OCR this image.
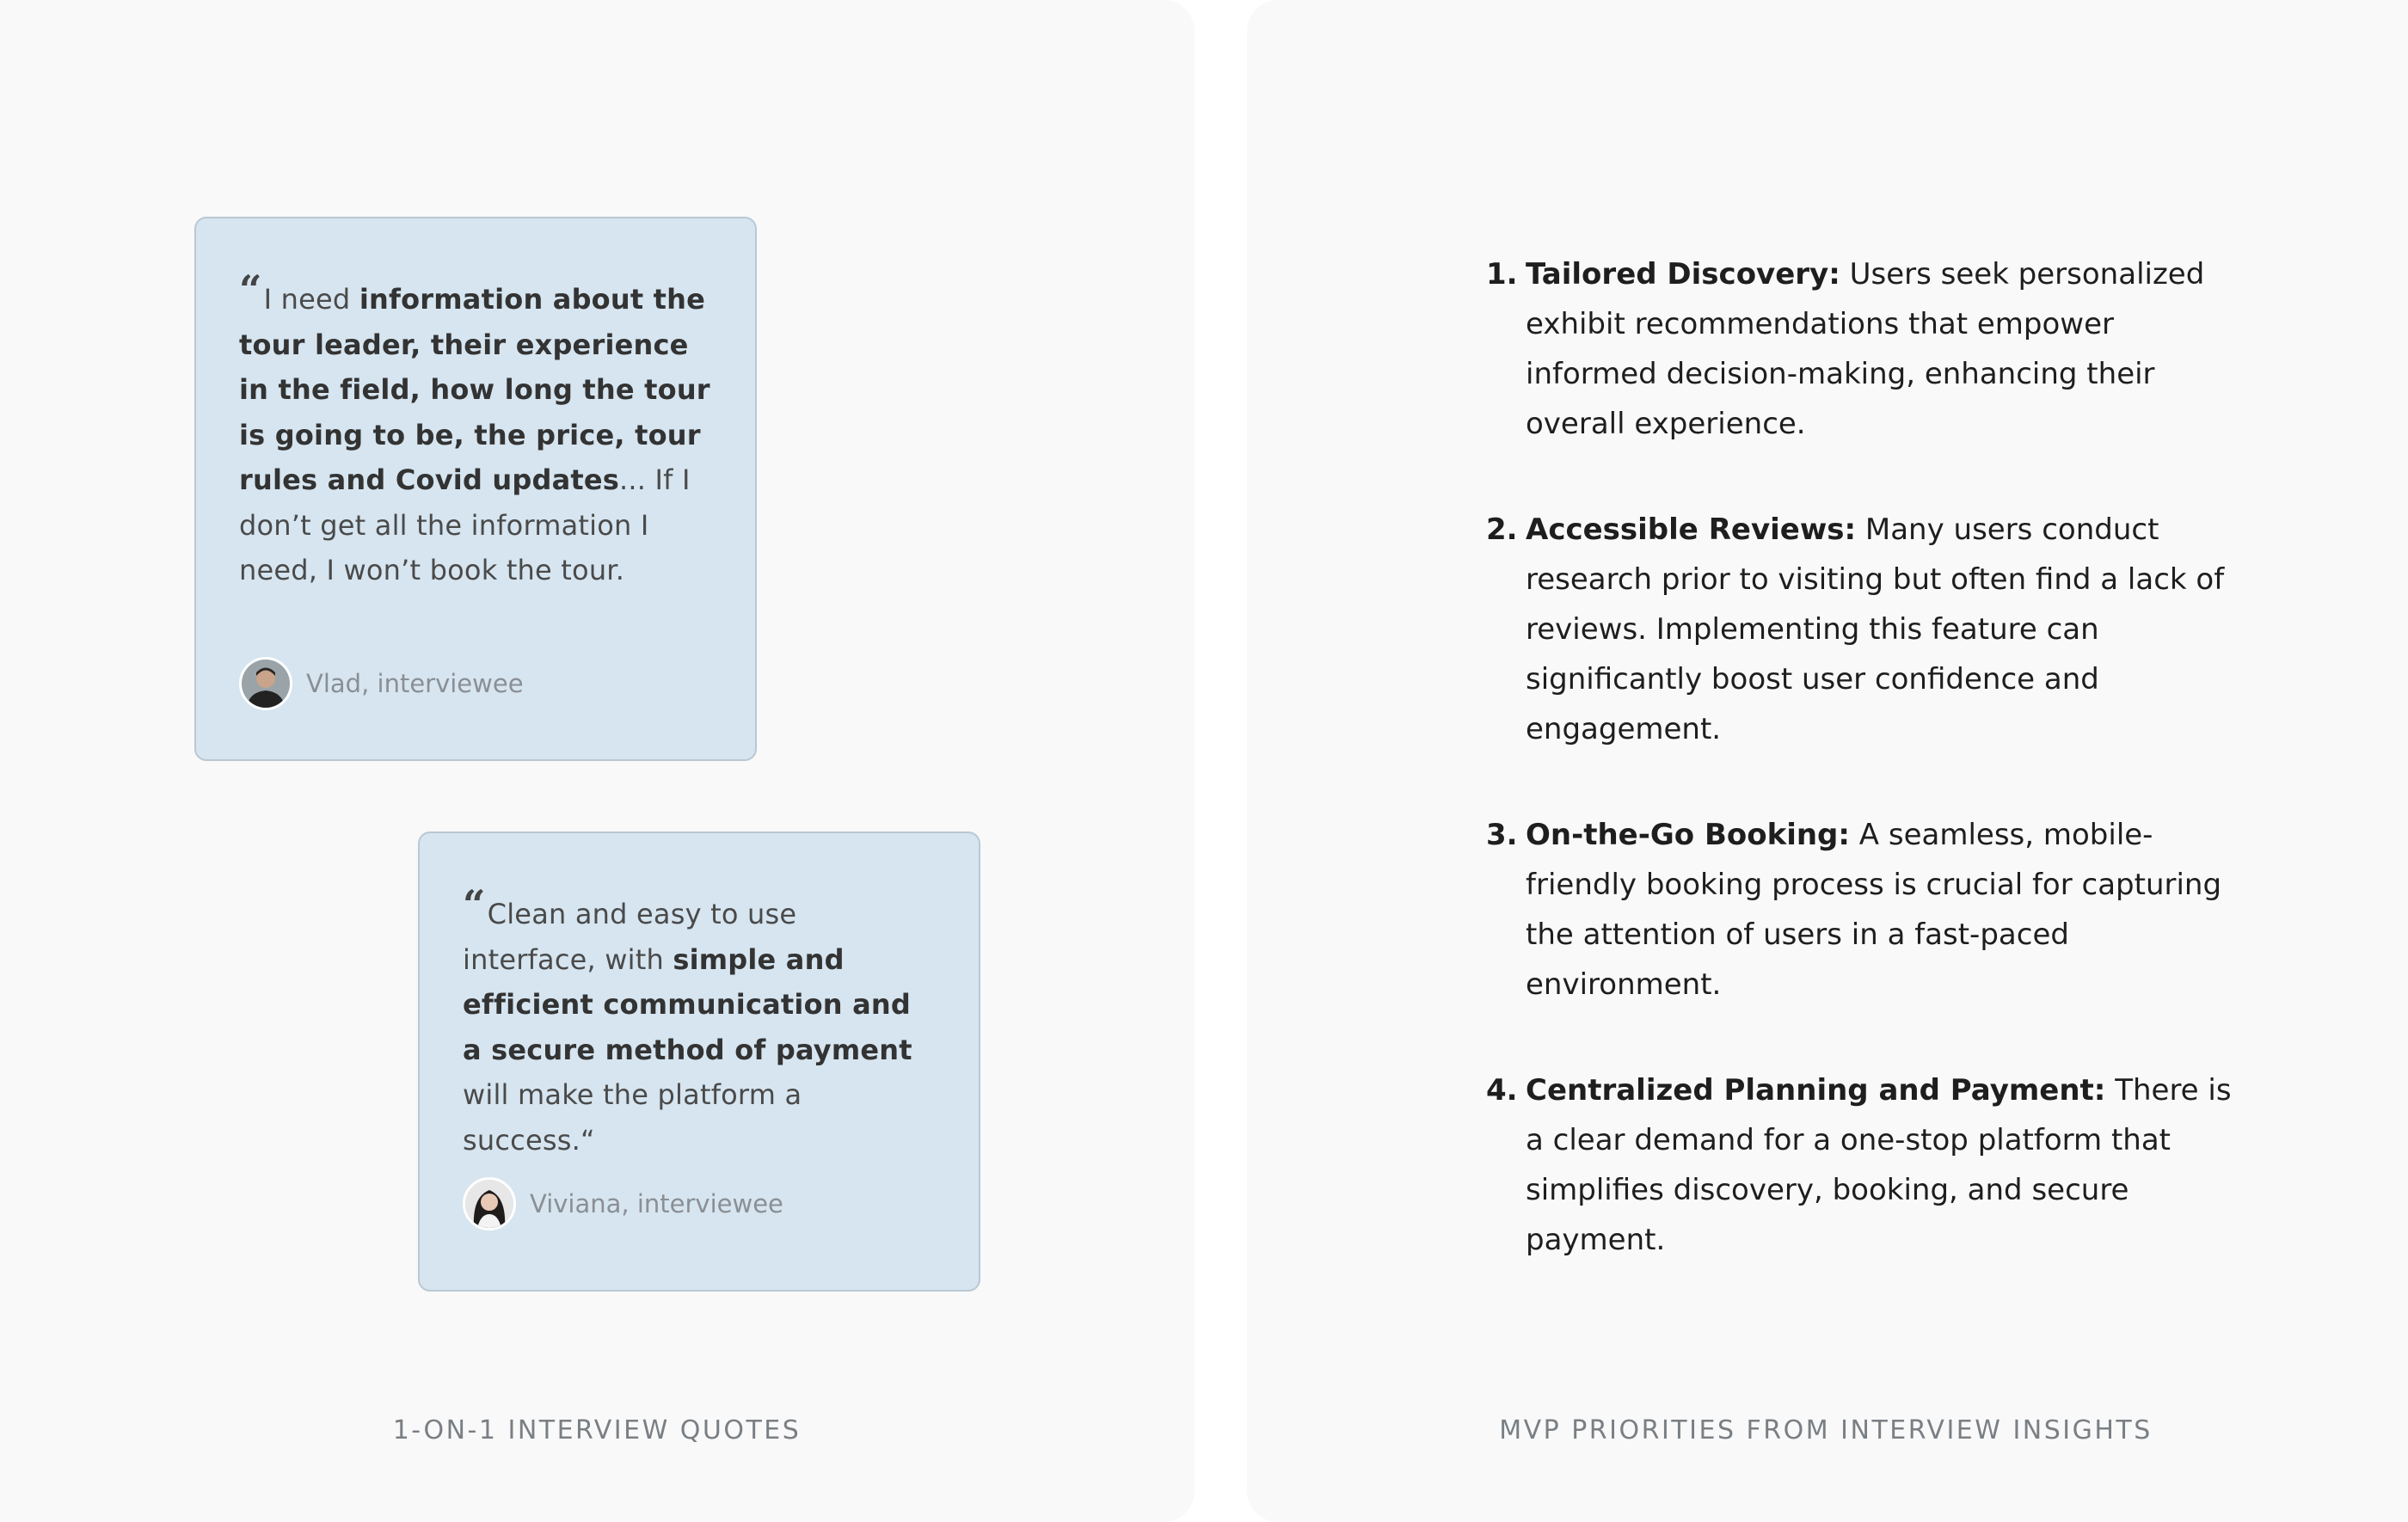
“I need information about the tour leader, their experience in the field, how long the tour is going to be, the price, tour rules and Covid updates... If I don’t get all the information I need, I won’t book the tour.
Vlad, interviewee
“Clean and easy to use interface, with simple and efficient communication and a secure method of payment will make the platform a success.“
Viviana, interviewee
1-ON-1 INTERVIEW QUOTES
1. Tailored Discovery: Users seek personalized exhibit recommendations that empower informed decision-making, enhancing their overall experience.
2. Accessible Reviews: Many users conduct research prior to visiting but often find a lack of reviews. Implementing this feature can significantly boost user confidence and engagement.
3. On-the-Go Booking: A seamless, mobile-friendly booking process is crucial for capturing the attention of users in a fast-paced environment.
4. Centralized Planning and Payment: There is a clear demand for a one-stop platform that simplifies discovery, booking, and secure payment.
MVP PRIORITIES FROM INTERVIEW INSIGHTS
